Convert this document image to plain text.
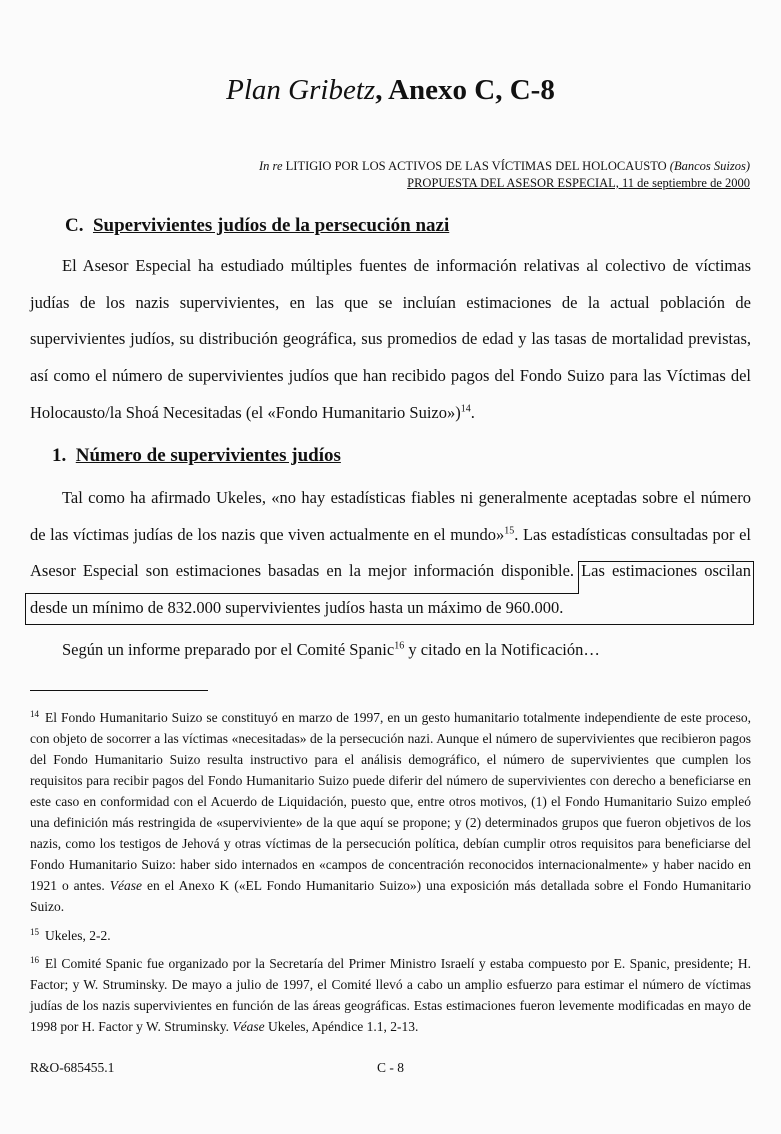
Plan Gribetz, Anexo C, C-8
In re LITIGIO POR LOS ACTIVOS DE LAS VÍCTIMAS DEL HOLOCAUSTO (Bancos Suizos)
PROPUESTA DEL ASESOR ESPECIAL, 11 de septiembre de 2000
C. Supervivientes judíos de la persecución nazi

El Asesor Especial ha estudiado múltiples fuentes de información relativas al colectivo de víctimas judías de los nazis supervivientes, en las que se incluían estimaciones de la actual población de supervivientes judíos, su distribución geográfica, sus promedios de edad y las tasas de mortalidad previstas, así como el número de supervivientes judíos que han recibido pagos del Fondo Suizo para las Víctimas del Holocausto/la Shoá Necesitadas (el «Fondo Humanitario Suizo»)$^{14}$.

1. Número de supervivientes judíos

Tal como ha afirmado Ukeles, «no hay estadísticas fiables ni generalmente aceptadas sobre el número de las víctimas judías de los nazis que viven actualmente en el mundo»$^{15}$. Las estadísticas consultadas por el Asesor Especial son estimaciones basadas en la mejor información disponible. Las estimaciones oscilan desde un mínimo de 832.000 supervivientes judíos hasta un máximo de 960.000.

Según un informe preparado por el Comité Spanic$^{16}$ y citado en la Notificación…

$^{14}$ El Fondo Humanitario Suizo se constituyó en marzo de 1997, en un gesto humanitario totalmente independiente de este proceso, con objeto de socorrer a las víctimas «necesitadas» de la persecución nazi. Aunque el número de supervivientes que recibieron pagos del Fondo Humanitario Suizo resulta instructivo para el análisis demográfico, el número de supervivientes que cumplen los requisitos para recibir pagos del Fondo Humanitario Suizo puede diferir del número de supervivientes con derecho a beneficiarse en este caso en conformidad con el Acuerdo de Liquidación, puesto que, entre otros motivos, (1) el Fondo Humanitario Suizo empleó una definición más restringida de «superviviente» de la que aquí se propone; y (2) determinados grupos que fueron objetivos de los nazis, como los testigos de Jehová y otras víctimas de la persecución política, debían cumplir otros requisitos para beneficiarse del Fondo Humanitario Suizo: haber sido internados en «campos de concentración reconocidos internacionalmente» y haber nacido en 1921 o antes. Véase en el Anexo K («EL Fondo Humanitario Suizo») una exposición más detallada sobre el Fondo Humanitario Suizo.

$^{15}$ Ukeles, 2-2.

$^{16}$ El Comité Spanic fue organizado por la Secretaría del Primer Ministro Israelí y estaba compuesto por E. Spanic, presidente; H. Factor; y W. Struminsky. De mayo a julio de 1997, el Comité llevó a cabo un amplio esfuerzo para estimar el número de víctimas judías de los nazis supervivientes en función de las áreas geográficas. Estas estimaciones fueron levemente modificadas en mayo de 1998 por H. Factor y W. Struminsky. Véase Ukeles, Apéndice 1.1, 2-13.

R&O-685455.1	C - 8
